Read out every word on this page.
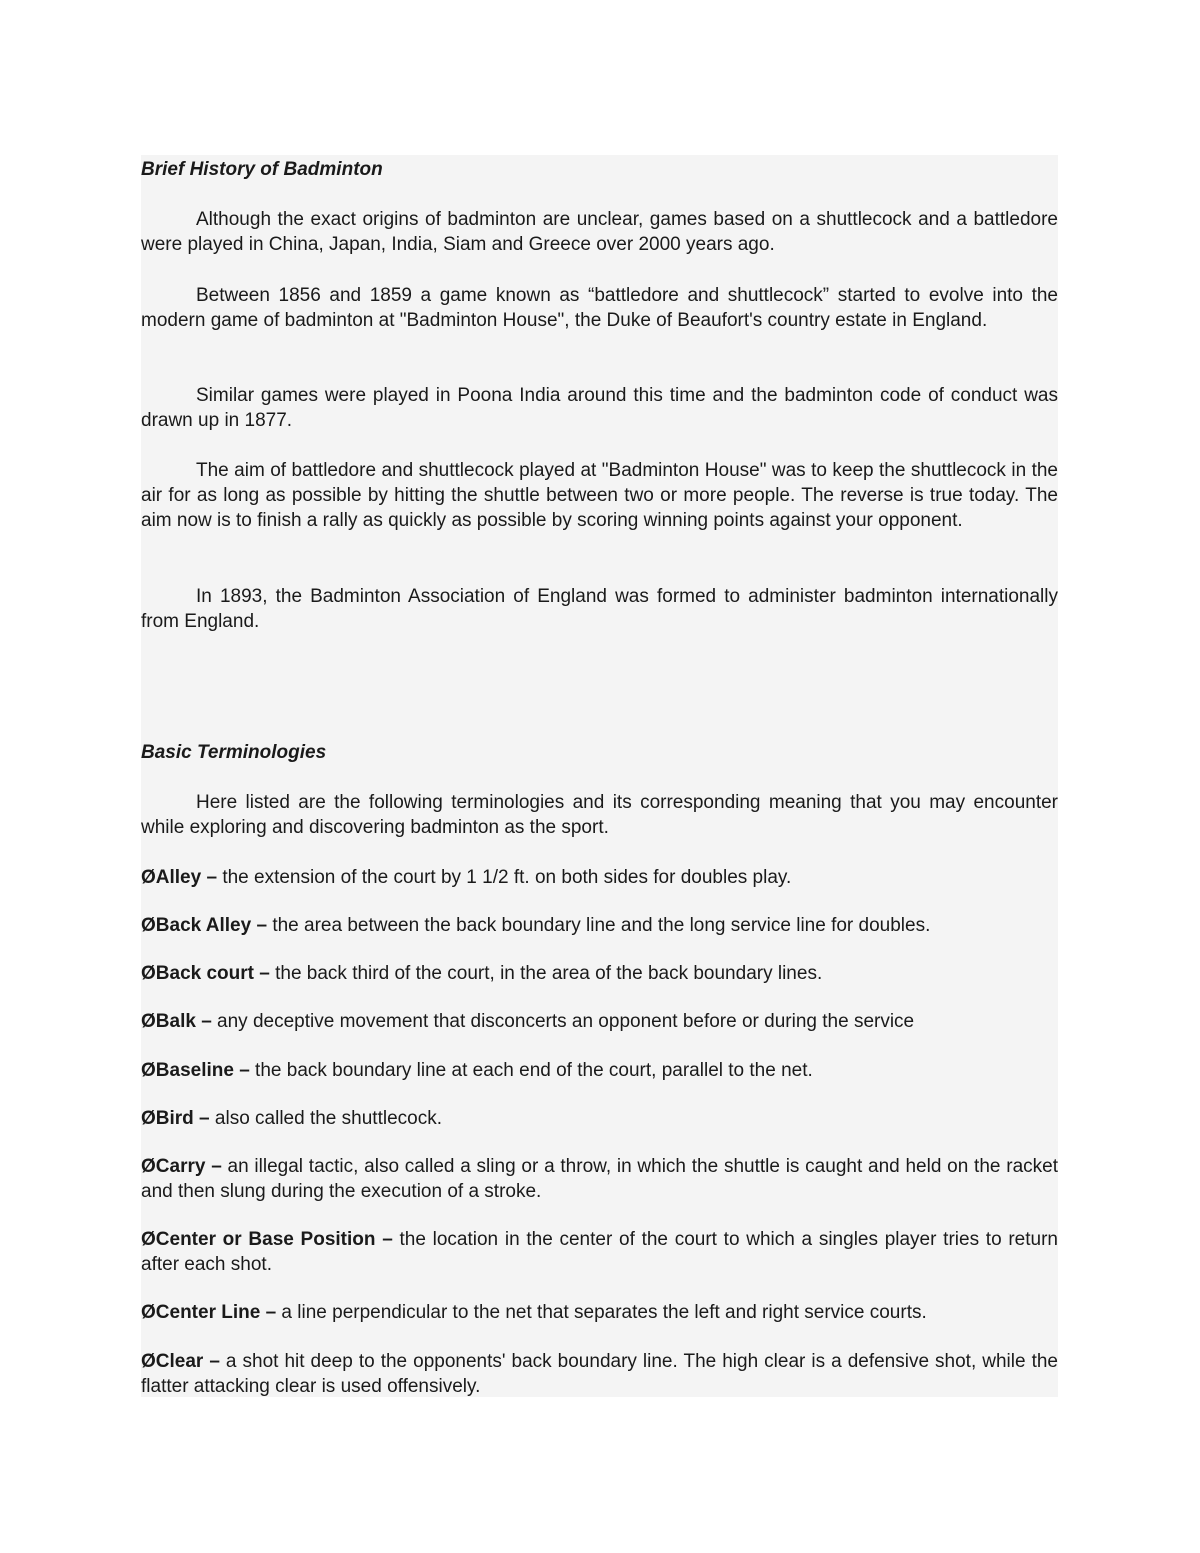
Brief History of Badminton

Although the exact origins of badminton are unclear, games based on a shuttlecock and a battledore were played in China, Japan, India, Siam and Greece over 2000 years ago.

Between 1856 and 1859 a game known as “battledore and shuttlecock” started to evolve into the modern game of badminton at "Badminton House", the Duke of Beaufort's country estate in England.

Similar games were played in Poona India around this time and the badminton code of conduct was drawn up in 1877.

The aim of battledore and shuttlecock played at "Badminton House" was to keep the shuttlecock in the air for as long as possible by hitting the shuttle between two or more people. The reverse is true today. The aim now is to finish a rally as quickly as possible by scoring winning points against your opponent.

In 1893, the Badminton Association of England was formed to administer badminton internationally from England.

Basic Terminologies

Here listed are the following terminologies and its corresponding meaning that you may encounter while exploring and discovering badminton as the sport.

ØAlley – the extension of the court by 1 1/2 ft. on both sides for doubles play.

ØBack Alley – the area between the back boundary line and the long service line for doubles.

ØBack court – the back third of the court, in the area of the back boundary lines.

ØBalk – any deceptive movement that disconcerts an opponent before or during the service

ØBaseline – the back boundary line at each end of the court, parallel to the net.

ØBird – also called the shuttlecock.

ØCarry – an illegal tactic, also called a sling or a throw, in which the shuttle is caught and held on the racket and then slung during the execution of a stroke.

ØCenter or Base Position – the location in the center of the court to which a singles player tries to return after each shot.

ØCenter Line – a line perpendicular to the net that separates the left and right service courts.

ØClear – a shot hit deep to the opponents' back boundary line. The high clear is a defensive shot, while the flatter attacking clear is used offensively.
